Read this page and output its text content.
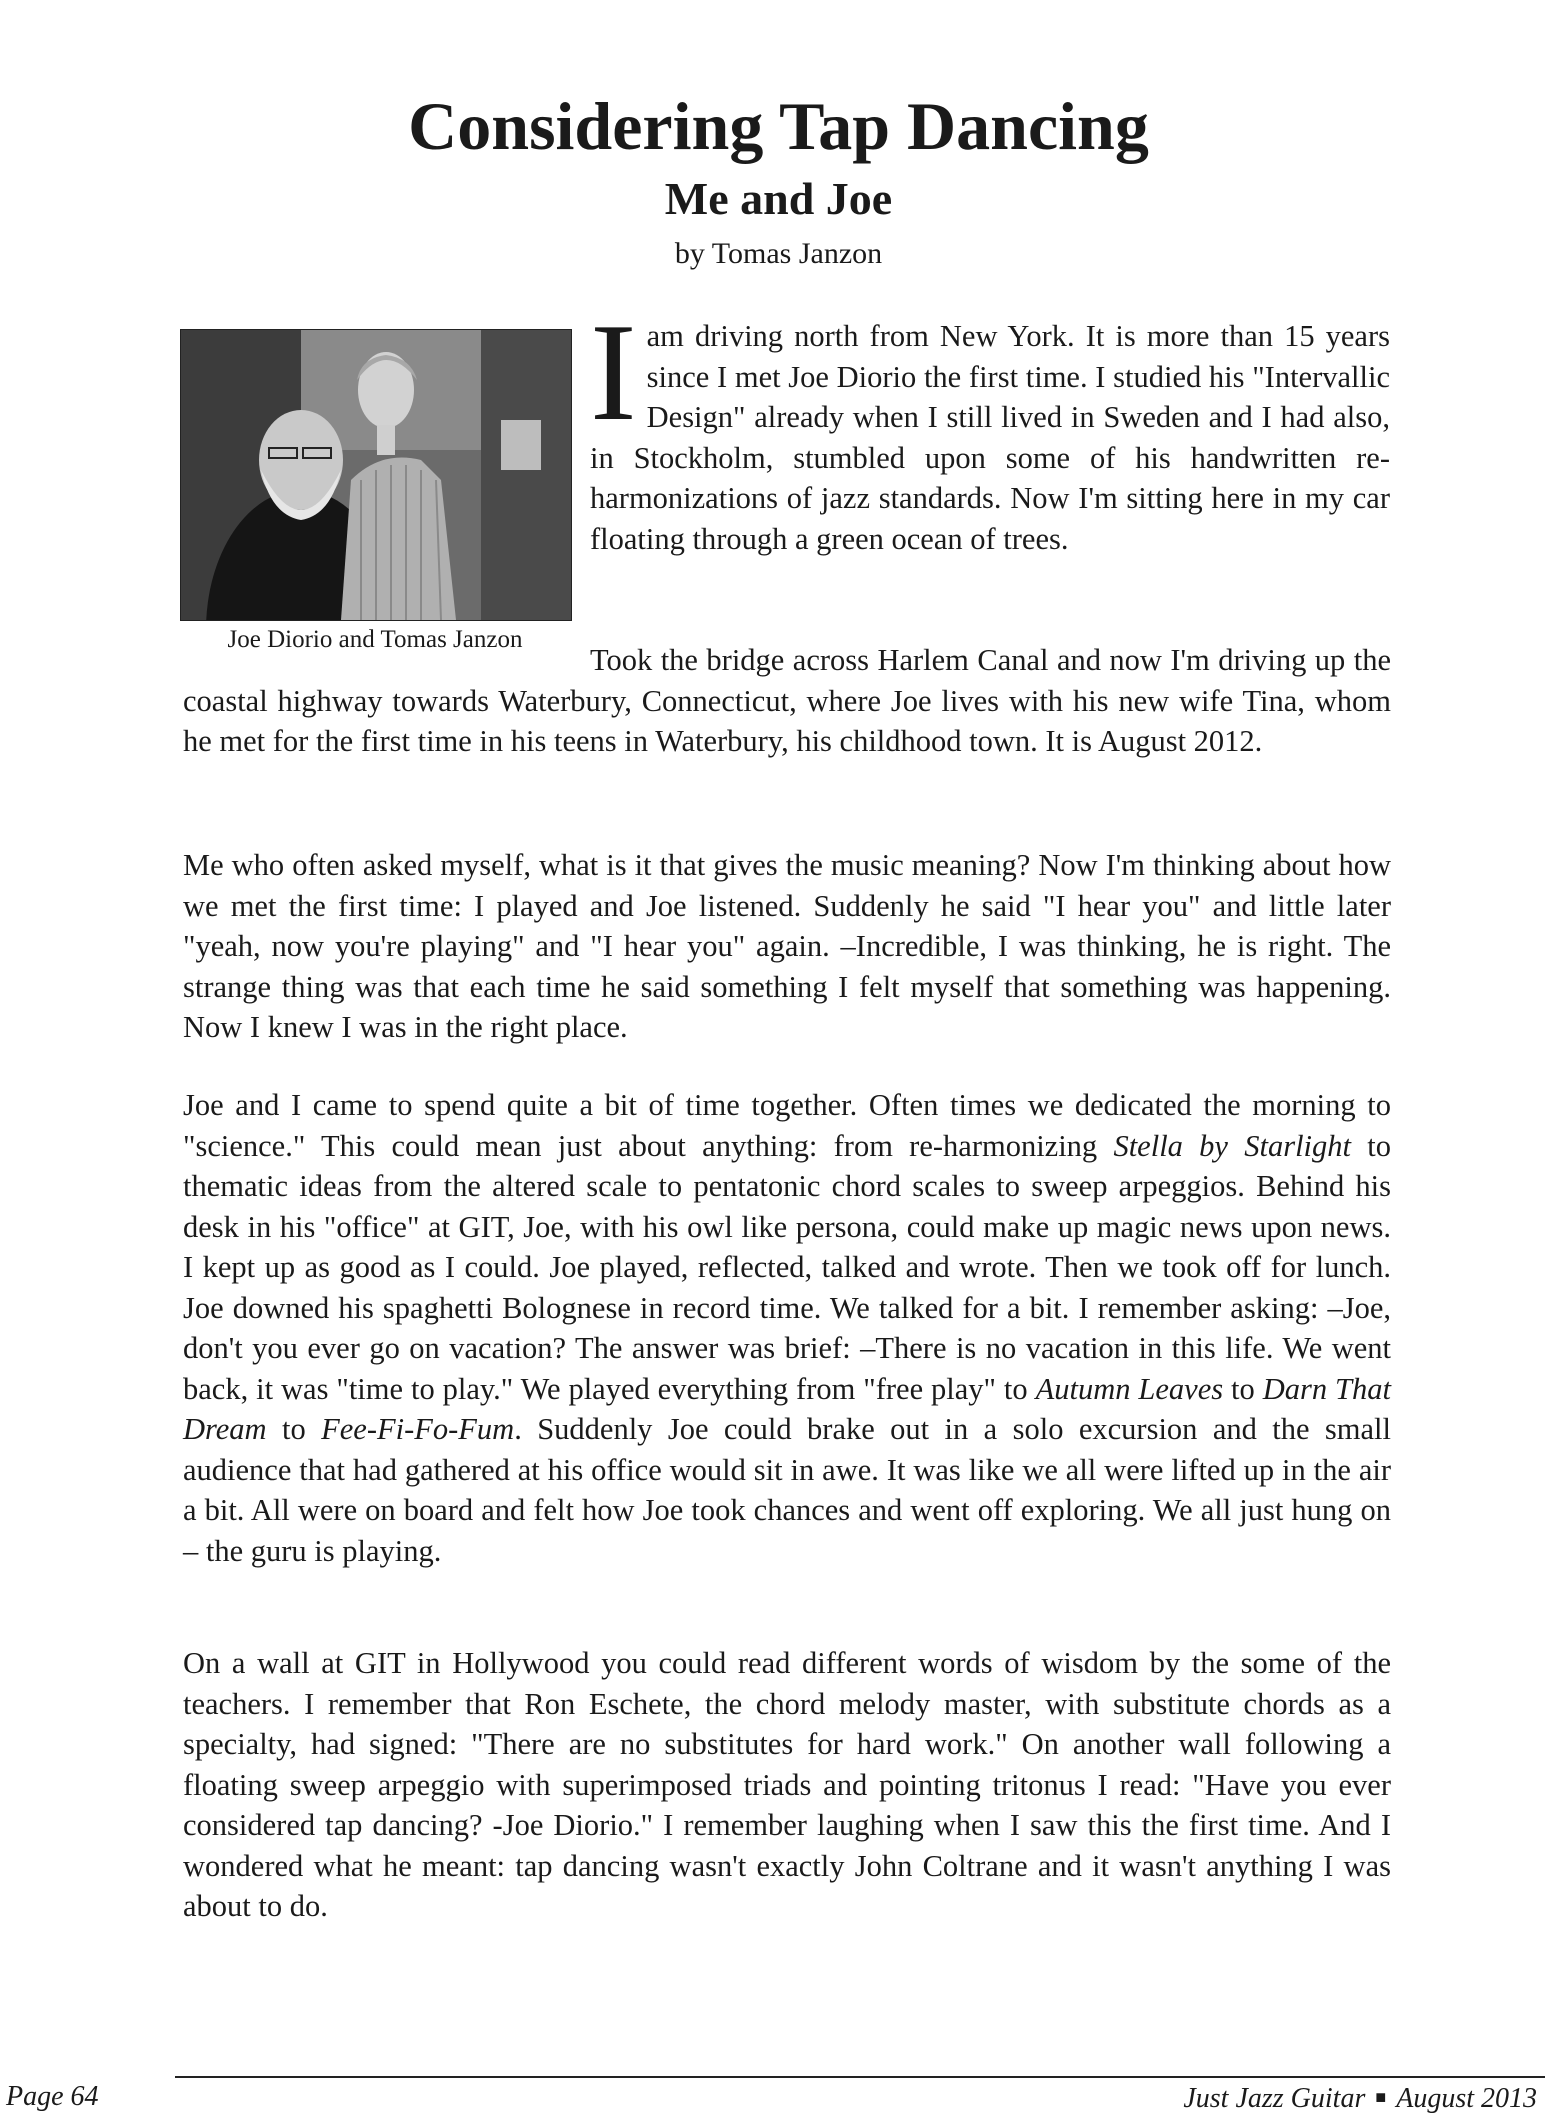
Considering Tap Dancing
Me and Joe
by Tomas Janzon
Joe Diorio and Tomas Janzon
Iam driving north from New York. It is more than 15 years since I met Joe Diorio the first time. I studied his "Intervallic Design" already when I still lived in Sweden and I had also, in Stockholm, stumbled upon some of his handwritten re-harmonizations of jazz standards. Now I'm sitting here in my car floating through a green ocean of trees.

Took the bridge across Harlem Canal and now I'm driving up the coastal highway towards Waterbury, Connecticut, where Joe lives with his new wife Tina, whom he met for the first time in his teens in Waterbury, his childhood town. It is August 2012.

Me who often asked myself, what is it that gives the music meaning? Now I'm thinking about how we met the first time: I played and Joe listened. Suddenly he said "I hear you" and little later "yeah, now you're playing" and "I hear you" again. –Incredible, I was thinking, he is right. The strange thing was that each time he said something I felt myself that something was happening. Now I knew I was in the right place.

Joe and I came to spend quite a bit of time together. Often times we dedicated the morning to "science." This could mean just about anything: from re-harmonizing Stella by Starlight to thematic ideas from the altered scale to pentatonic chord scales to sweep arpeggios. Behind his desk in his "office" at GIT, Joe, with his owl like persona, could make up magic news upon news. I kept up as good as I could. Joe played, reflected, talked and wrote. Then we took off for lunch. Joe downed his spaghetti Bolognese in record time. We talked for a bit. I remember asking: –Joe, don't you ever go on vacation? The answer was brief: –There is no vacation in this life. We went back, it was "time to play." We played everything from "free play" to Autumn Leaves to Darn That Dream to Fee-Fi-Fo-Fum. Suddenly Joe could brake out in a solo excursion and the small audience that had gathered at his office would sit in awe. It was like we all were lifted up in the air a bit. All were on board and felt how Joe took chances and went off exploring. We all just hung on – the guru is playing.

On a wall at GIT in Hollywood you could read different words of wisdom by the some of the teachers. I remember that Ron Eschete, the chord melody master, with substitute chords as a specialty, had signed: "There are no substitutes for hard work." On another wall following a floating sweep arpeggio with superimposed triads and pointing tritonus I read: "Have you ever considered tap dancing? -Joe Diorio." I remember laughing when I saw this the first time. And I wondered what he meant: tap dancing wasn't exactly John Coltrane and it wasn't anything I was about to do.

Page 64	Just Jazz Guitar ■ August 2013
